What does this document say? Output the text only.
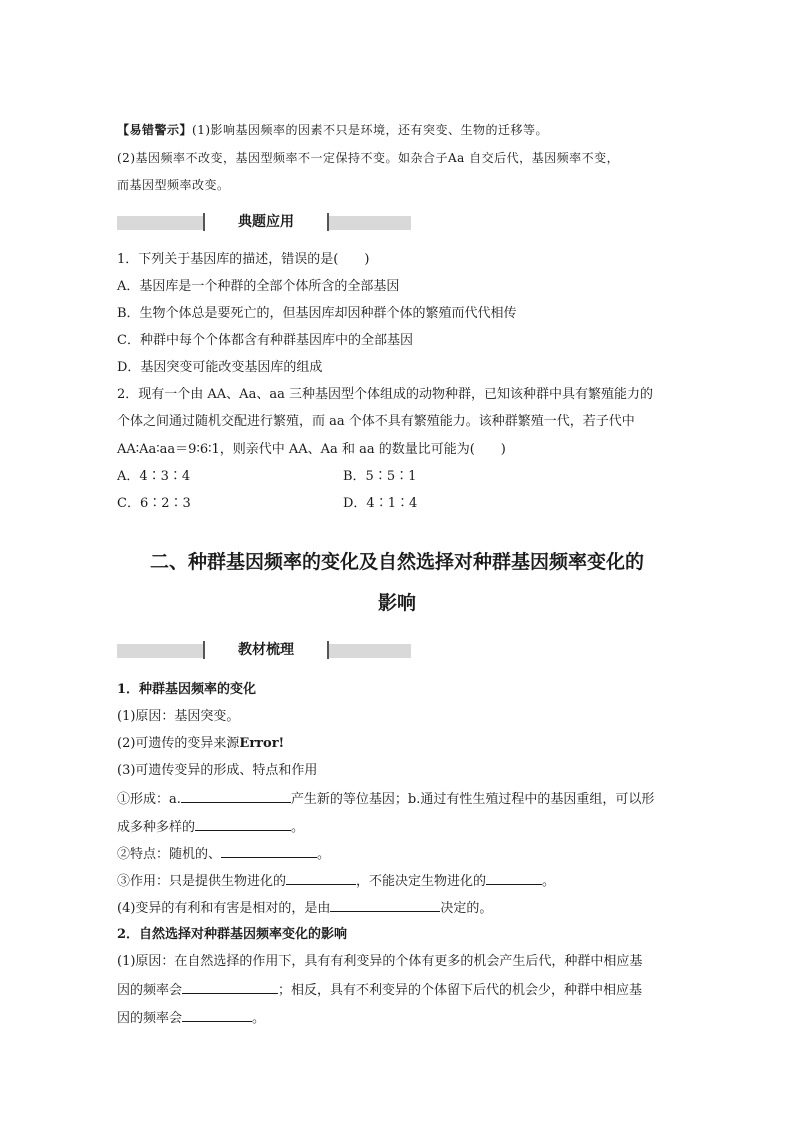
【易错警示】(1)影响基因频率的因素不只是环境，还有突变、生物的迁移等。
(2)基因频率不改变，基因型频率不一定保持不变。如杂合子Aa 自交后代，基因频率不变，
而基因型频率改变。
典题应用
1．下列关于基因库的描述，错误的是(　　)
A．基因库是一个种群的全部个体所含的全部基因
B．生物个体总是要死亡的，但基因库却因种群个体的繁殖而代代相传
C．种群中每个个体都含有种群基因库中的全部基因
D．基因突变可能改变基因库的组成
2．现有一个由 AA、Aa、aa 三种基因型个体组成的动物种群，已知该种群中具有繁殖能力的
个体之间通过随机交配进行繁殖，而 aa 个体不具有繁殖能力。该种群繁殖一代，若子代中
AA∶Aa∶aa＝9∶6∶1，则亲代中 AA、Aa 和 aa 的数量比可能为(　　)
A．4∶3∶4	B．5∶5∶1
C．6∶2∶3	D．4∶1∶4
二、种群基因频率的变化及自然选择对种群基因频率变化的
影响
教材梳理
1．种群基因频率的变化
(1)原因：基因突变。
(2)可遗传的变异来源Error!
(3)可遗传变异的形成、特点和作用
①形成：a.	产生新的等位基因；b.通过有性生殖过程中的基因重组，可以形
成多种多样的	。
②特点：随机的、	。
③作用：只是提供生物进化的	，不能决定生物进化的	。
(4)变异的有利和有害是相对的，是由	决定的。
2．自然选择对种群基因频率变化的影响
(1)原因：在自然选择的作用下，具有有利变异的个体有更多的机会产生后代，种群中相应基
因的频率会	；相反，具有不利变异的个体留下后代的机会少，种群中相应基
因的频率会	。
